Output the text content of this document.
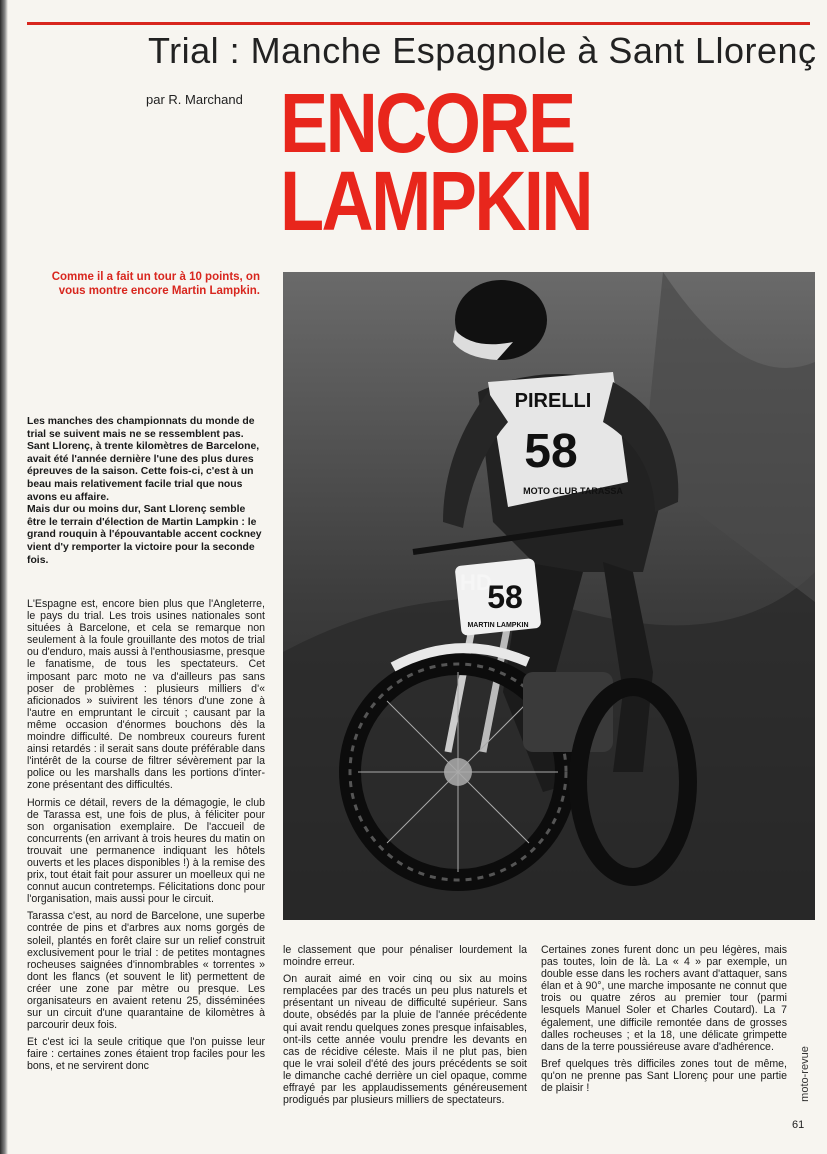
Trial : Manche Espagnole à Sant Llorenç
par R. Marchand ENCORE
LAMPKIN
Comme il a fait un tour à 10 points, on vous montre encore Martin Lampkin.
PIRELLI
58
MOTO CLUB TARASSA
58
MARTIN LAMPKIN
HD

Les manches des championnats du monde de trial se suivent mais ne se ressemblent pas. Sant Llorenç, à trente kilomètres de Barcelone, avait été l'année dernière l'une des plus dures épreuves de la saison. Cette fois-ci, c'est à un beau mais relativement facile trial que nous avons eu affaire.

Mais dur ou moins dur, Sant Llorenç semble être le terrain d'élection de Martin Lampkin : le grand rouquin à l'épouvantable accent cockney vient d'y remporter la victoire pour la seconde fois.

L'Espagne est, encore bien plus que l'Angleterre, le pays du trial. Les trois usines nationales sont situées à Barcelone, et cela se remarque non seulement à la foule grouillante des motos de trial ou d'enduro, mais aussi à l'enthousiasme, presque le fanatisme, de tous les spectateurs. Cet imposant parc moto ne va d'ailleurs pas sans poser de problèmes : plusieurs milliers d'« aficionados » suivirent les ténors d'une zone à l'autre en empruntant le circuit ; causant par la même occasion d'énormes bouchons dès la moindre difficulté. De nombreux coureurs furent ainsi retardés : il serait sans doute préférable dans l'intérêt de la course de filtrer sévèrement par la police ou les marshalls dans les portions d'inter-zone présentant des difficultés.

Hormis ce détail, revers de la démagogie, le club de Tarassa est, une fois de plus, à féliciter pour son organisation exemplaire. De l'accueil de concurrents (en arrivant à trois heures du matin on trouvait une permanence indiquant les hôtels ouverts et les places disponibles !) à la remise des prix, tout était fait pour assurer un moelleux qui ne connut aucun contretemps. Félicitations donc pour l'organisation, mais aussi pour le circuit.

Tarassa c'est, au nord de Barcelone, une superbe contrée de pins et d'arbres aux noms gorgés de soleil, plantés en forêt claire sur un relief construit exclusivement pour le trial : de petites montagnes rocheuses saignées d'innombrables « torrentes » dont les flancs (et souvent le lit) permettent de créer une zone par mètre ou presque. Les organisateurs en avaient retenu 25, disséminées sur un circuit d'une quarantaine de kilomètres à parcourir deux fois.

Et c'est ici la seule critique que l'on puisse leur faire : certaines zones étaient trop faciles pour les bons, et ne servirent donc

le classement que pour pénaliser lourdement la moindre erreur.

On aurait aimé en voir cinq ou six au moins remplacées par des tracés un peu plus naturels et présentant un niveau de difficulté supérieur. Sans doute, obsédés par la pluie de l'année précédente qui avait rendu quelques zones presque infaisables, ont-ils cette année voulu prendre les devants en cas de récidive céleste. Mais il ne plut pas, bien que le vrai soleil d'été des jours précédents se soit le dimanche caché derrière un ciel opaque, comme effrayé par les applaudissements généreusement prodigués par plusieurs milliers de spectateurs.

Certaines zones furent donc un peu légères, mais pas toutes, loin de là. La « 4 » par exemple, un double esse dans les rochers avant d'attaquer, sans élan et à 90°, une marche imposante ne connut que trois ou quatre zéros au premier tour (parmi lesquels Manuel Soler et Charles Coutard). La 7 également, une difficile remontée dans de grosses dalles rocheuses ; et la 18, une délicate grimpette dans de la terre poussiéreuse avare d'adhérence.

Bref quelques très difficiles zones tout de même, qu'on ne prenne pas Sant Llorenç pour une partie de plaisir !	moto-revue
61
